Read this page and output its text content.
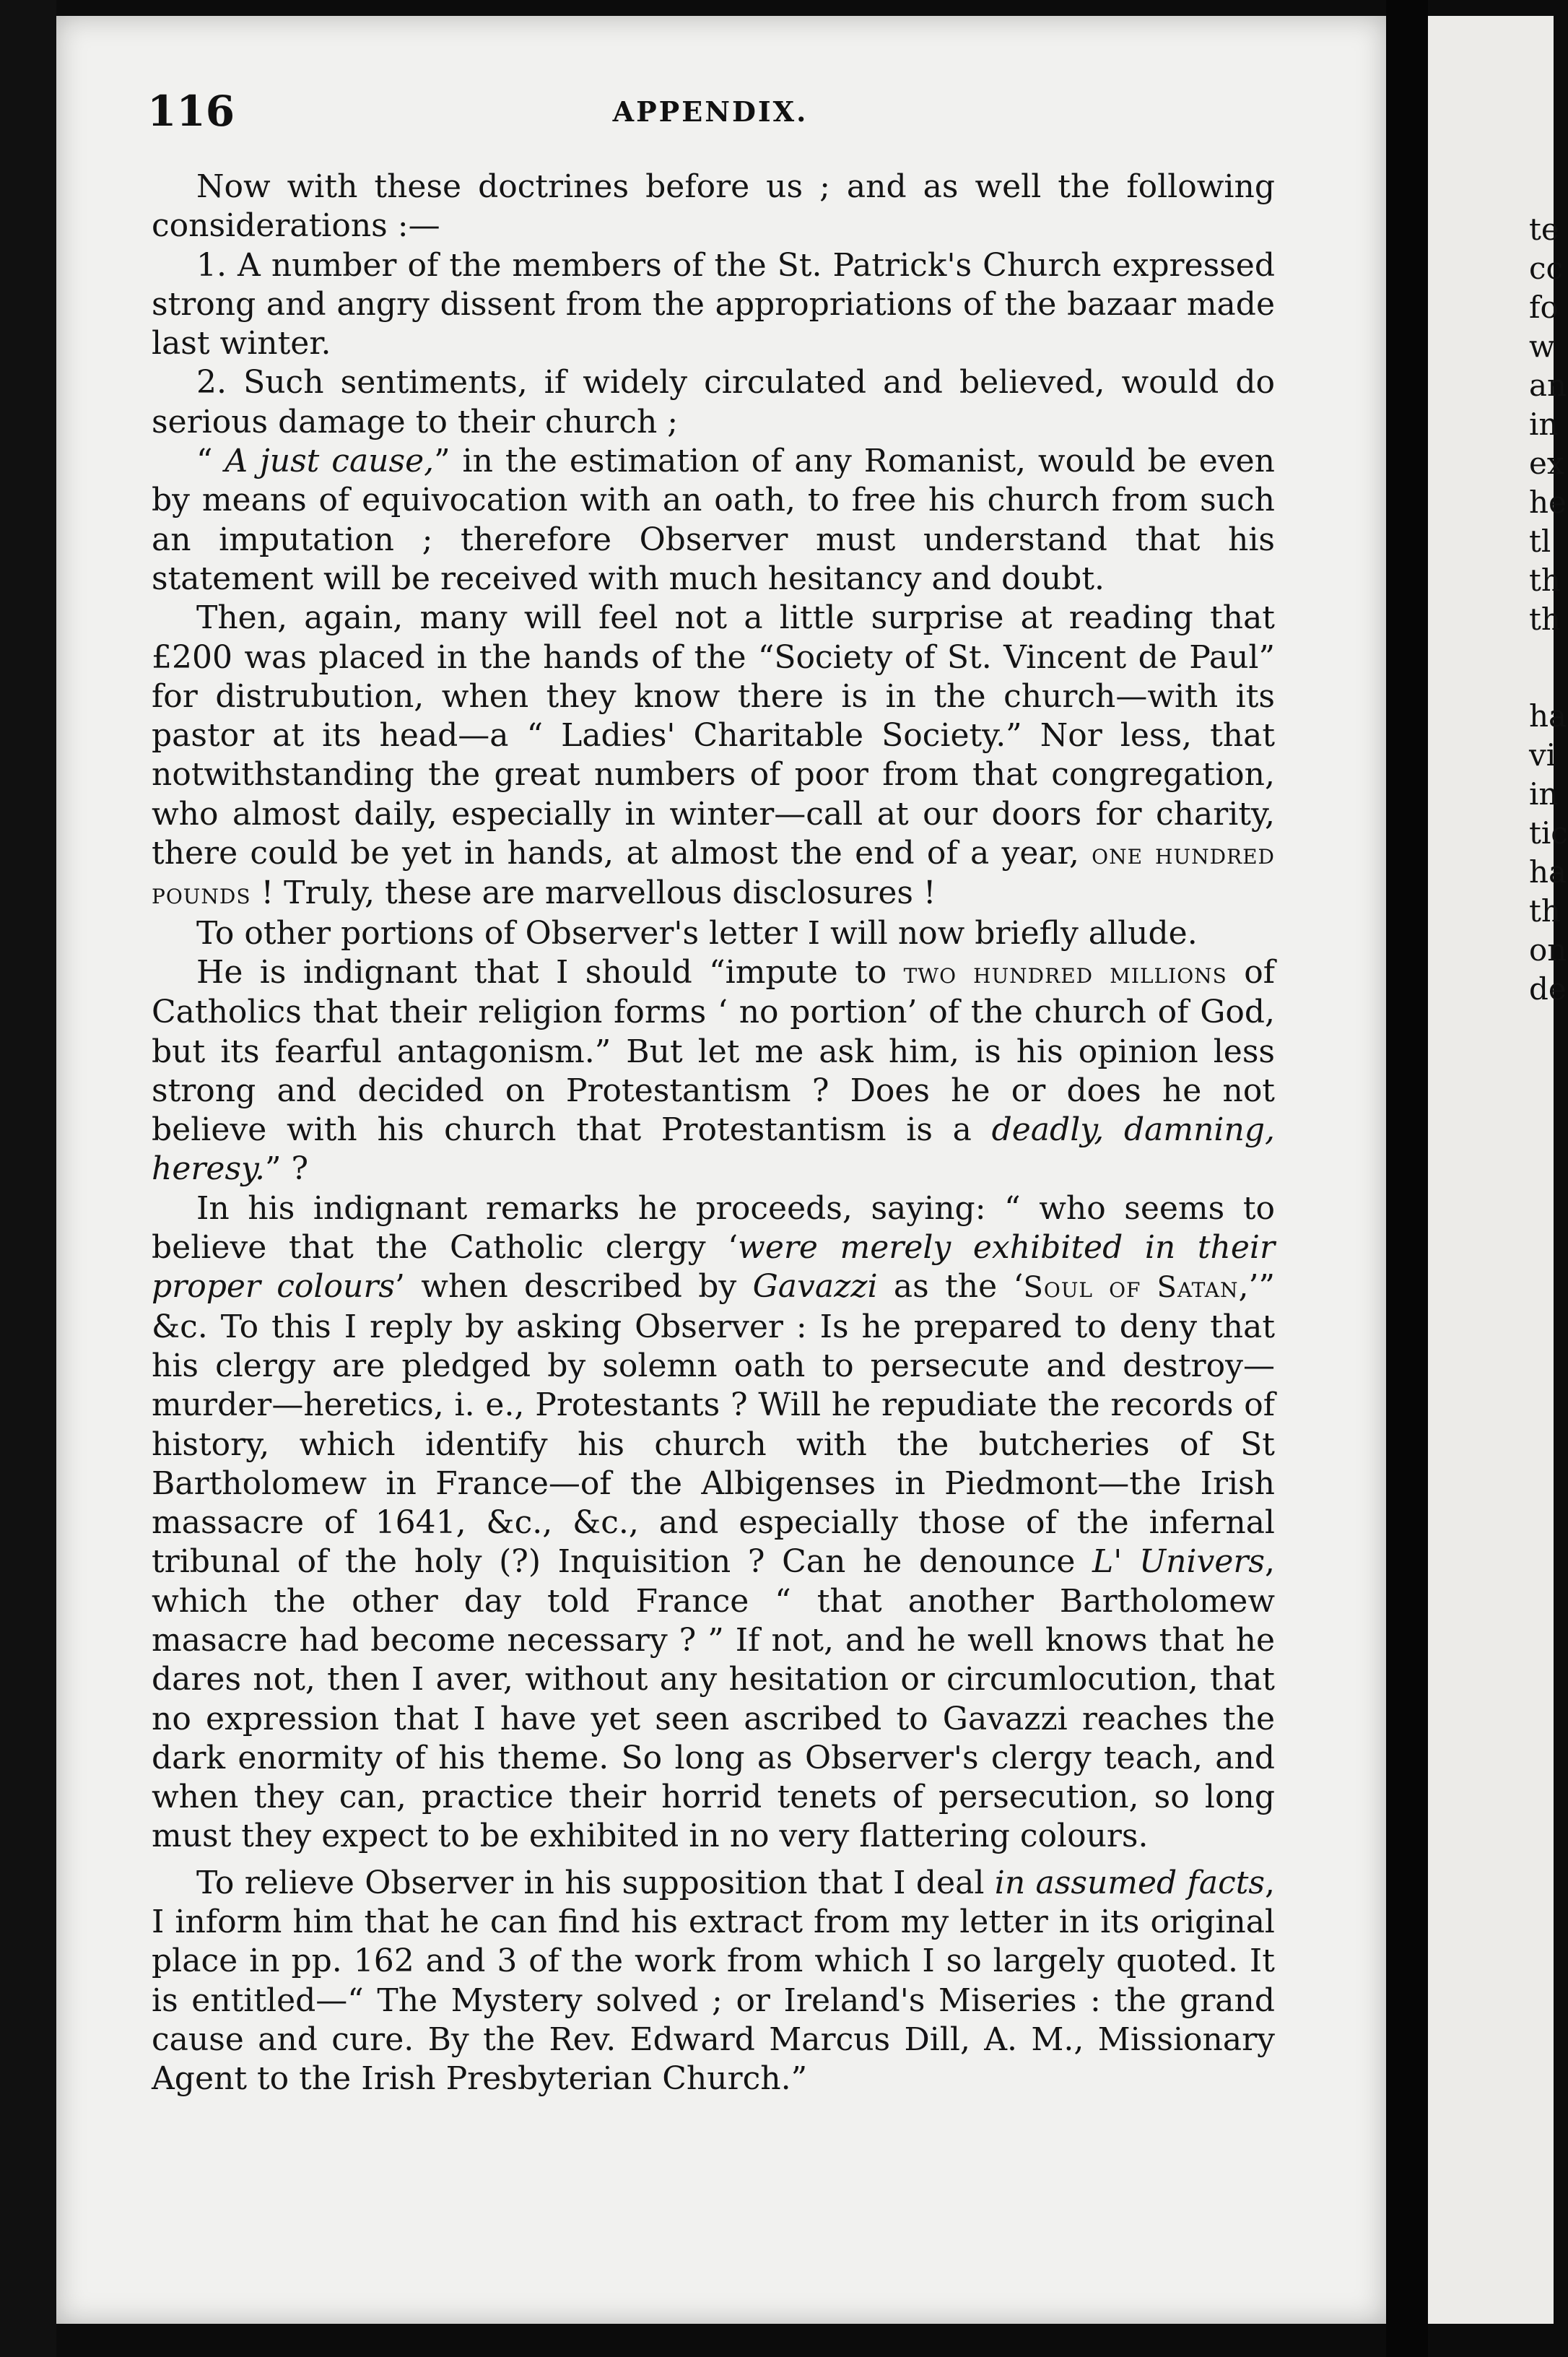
116	APPENDIX.

Now with these doctrines before us ; and as well the following considerations :—

1. A number of the members of the St. Patrick's Church expressed strong and angry dissent from the appropriations of the bazaar made last winter.

2. Such sentiments, if widely circulated and believed, would do serious damage to their church ;

“ A just cause,” in the estimation of any Romanist, would be even by means of equivocation with an oath, to free his church from such an imputation ; therefore Observer must understand that his statement will be received with much hesitancy and doubt.

Then, again, many will feel not a little surprise at reading that £200 was placed in the hands of the “Society of St. Vincent de Paul” for distrubution, when they know there is in the church—with its pastor at its head—a “ Ladies' Charitable Society.” Nor less, that notwithstanding the great numbers of poor from that congregation, who almost daily, especially in winter—call at our doors for charity, there could be yet in hands, at almost the end of a year, one hundred pounds ! Truly, these are marvellous disclosures !

To other portions of Observer's letter I will now briefly allude.

He is indignant that I should “impute to two hundred millions of Catholics that their religion forms ‘ no portion’ of the church of God, but its fearful antagonism.” But let me ask him, is his opinion less strong and decided on Protestantism ? Does he or does he not believe with his church that Protestantism is a deadly, damning, heresy.” ?

In his indignant remarks he proceeds, saying: “ who seems to believe that the Catholic clergy ‘were merely exhibited in their proper colours’ when described by Gavazzi as the ‘Soul of Satan,’” &c. To this I reply by asking Observer : Is he prepared to deny that his clergy are pledged by solemn oath to persecute and destroy—murder—heretics, i. e., Protestants ? Will he repudiate the records of history, which identify his church with the butcheries of St Bartholomew in France—of the Albigenses in Piedmont—the Irish massacre of 1641, &c., &c., and especially those of the infernal tribunal of the holy (?) Inquisition ? Can he denounce L' Univers, which the other day told France “ that another Bartholomew masacre had become necessary ? ” If not, and he well knows that he dares not, then I aver, without any hesitation or circumlocution, that no expression that I have yet seen ascribed to Gavazzi reaches the dark enormity of his theme. So long as Observer's clergy teach, and when they can, practice their horrid tenets of persecution, so long must they expect to be exhibited in no very flattering colours.

To relieve Observer in his supposition that I deal in assumed facts, I inform him that he can find his extract from my letter in its original place in pp. 162 and 3 of the work from which I so largely quoted. It is entitled—“ The Mystery solved ; or Ireland's Miseries : the grand cause and cure. By the Rev. Edward Marcus Dill, A. M., Missionary Agent to the Irish Presbyterian Church.”

te
cc
fo
w
an
in
ex
he
tl
th
th
ha
vi
in
tic
ha
th
on
de
